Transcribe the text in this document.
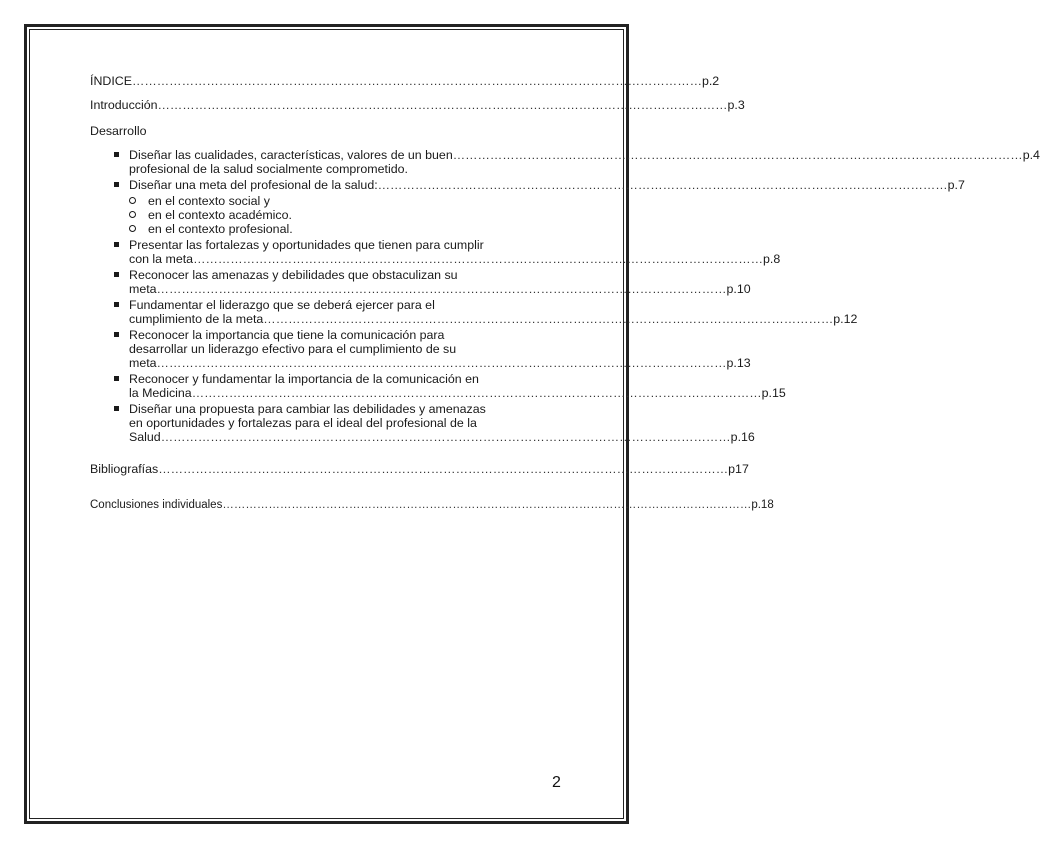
ÍNDICE ………………………………………………………………………………………………………………………… p.2
Introducción ………………………………………………………………………………………………………………………… p.3
Desarrollo
Diseñar las cualidades, características, valores de un buen ………………………………………………………………………………………………………………………… p.4
profesional de la salud socialmente comprometido.
Diseñar una meta del profesional de la salud: ………………………………………………………………………………………………………………………… p.7
en el contexto social y
en el contexto académico.
en el contexto profesional.
Presentar las fortalezas y oportunidades que tienen para cumplir
con la meta ………………………………………………………………………………………………………………………… p.8
Reconocer las amenazas y debilidades que obstaculizan su
meta ………………………………………………………………………………………………………………………… p.10
Fundamentar el liderazgo que se deberá ejercer para el
cumplimiento de la meta ………………………………………………………………………………………………………………………… p.12
Reconocer la importancia que tiene la comunicación para
desarrollar un liderazgo efectivo para el cumplimiento de su
meta ………………………………………………………………………………………………………………………… p.13
Reconocer y fundamentar la importancia de la comunicación en
la Medicina ………………………………………………………………………………………………………………………… p.15
Diseñar una propuesta para cambiar las debilidades y amenazas
en oportunidades y fortalezas para el ideal del profesional de la
Salud ………………………………………………………………………………………………………………………… p.16
Bibliografías ………………………………………………………………………………………………………………………… p17
Conclusiones individuales ………………………………………………………………………………………………………………………… p.18
2
